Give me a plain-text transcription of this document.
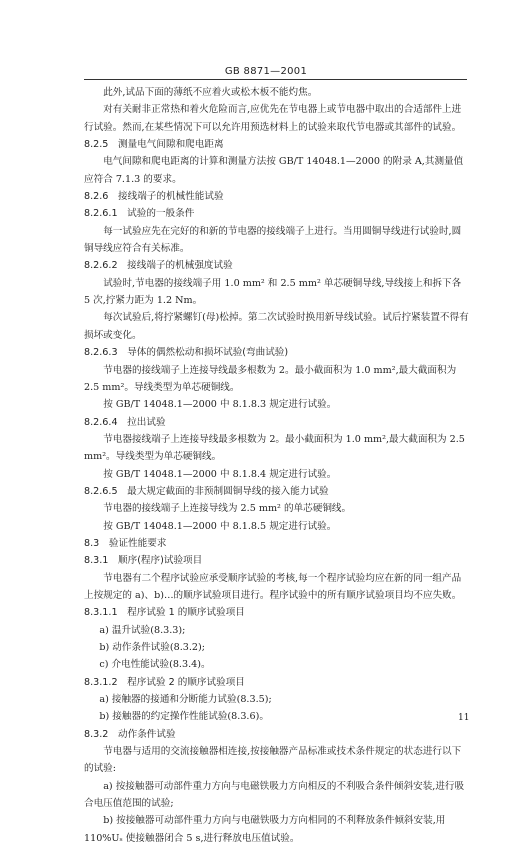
GB 8871—2001

此外,试品下面的薄纸不应着火或松木板不能灼焦。

对有关耐非正常热和着火危险而言,应优先在节电器上或节电器中取出的合适部件上进行试验。然而,在某些情况下可以允许用预选材料上的试验来取代节电器或其部件的试验。

8.2.5　测量电气间隙和爬电距离

电气间隙和爬电距离的计算和测量方法按 GB/T 14048.1—2000 的附录 A,其测量值应符合 7.1.3 的要求。

8.2.6　接线端子的机械性能试验

8.2.6.1　试验的一般条件

每一试验应先在完好的和新的节电器的接线端子上进行。当用圆铜导线进行试验时,圆铜导线应符合有关标准。

8.2.6.2　接线端子的机械强度试验

试验时,节电器的接线端子用 1.0 mm² 和 2.5 mm² 单芯硬铜导线,导线接上和拆下各 5 次,拧紧力距为 1.2 Nm。

每次试验后,将拧紧螺钉(母)松掉。第二次试验时换用新导线试验。试后拧紧装置不得有损坏或变化。

8.2.6.3　导体的偶然松动和损坏试验(弯曲试验)

节电器的接线端子上连接导线最多根数为 2。最小截面积为 1.0 mm²,最大截面积为 2.5 mm²。导线类型为单芯硬铜线。

按 GB/T 14048.1—2000 中 8.1.8.3 规定进行试验。

8.2.6.4　拉出试验

节电器接线端子上连接导线最多根数为 2。最小截面积为 1.0 mm²,最大截面积为 2.5 mm²。导线类型为单芯硬铜线。

按 GB/T 14048.1—2000 中 8.1.8.4 规定进行试验。

8.2.6.5　最大规定截面的非预制圆铜导线的接入能力试验

节电器的接线端子上连接导线为 2.5 mm² 的单芯硬铜线。

按 GB/T 14048.1—2000 中 8.1.8.5 规定进行试验。

8.3　验证性能要求

8.3.1　顺序(程序)试验项目

节电器有二个程序试验应承受顺序试验的考核,每一个程序试验均应在新的同一组产品上按规定的 a)、b)…的顺序试验项目进行。程序试验中的所有顺序试验项目均不应失败。

8.3.1.1　程序试验 1 的顺序试验项目

a) 温升试验(8.3.3);

b) 动作条件试验(8.3.2);

c) 介电性能试验(8.3.4)。

8.3.1.2　程序试验 2 的顺序试验项目

a) 接触器的接通和分断能力试验(8.3.5);

b) 接触器的约定操作性能试验(8.3.6)。

8.3.2　动作条件试验

节电器与适用的交流接触器相连接,按接触器产品标准或技术条件规定的状态进行以下的试验:

a) 按接触器可动部件重力方向与电磁铁吸力方向相反的不利吸合条件倾斜安装,进行吸合电压值范围的试验;

b) 按接触器可动部件重力方向与电磁铁吸力方向相同的不利释放条件倾斜安装,用 110%Uₛ 使接触器闭合 5 s,进行释放电压值试验。

11
